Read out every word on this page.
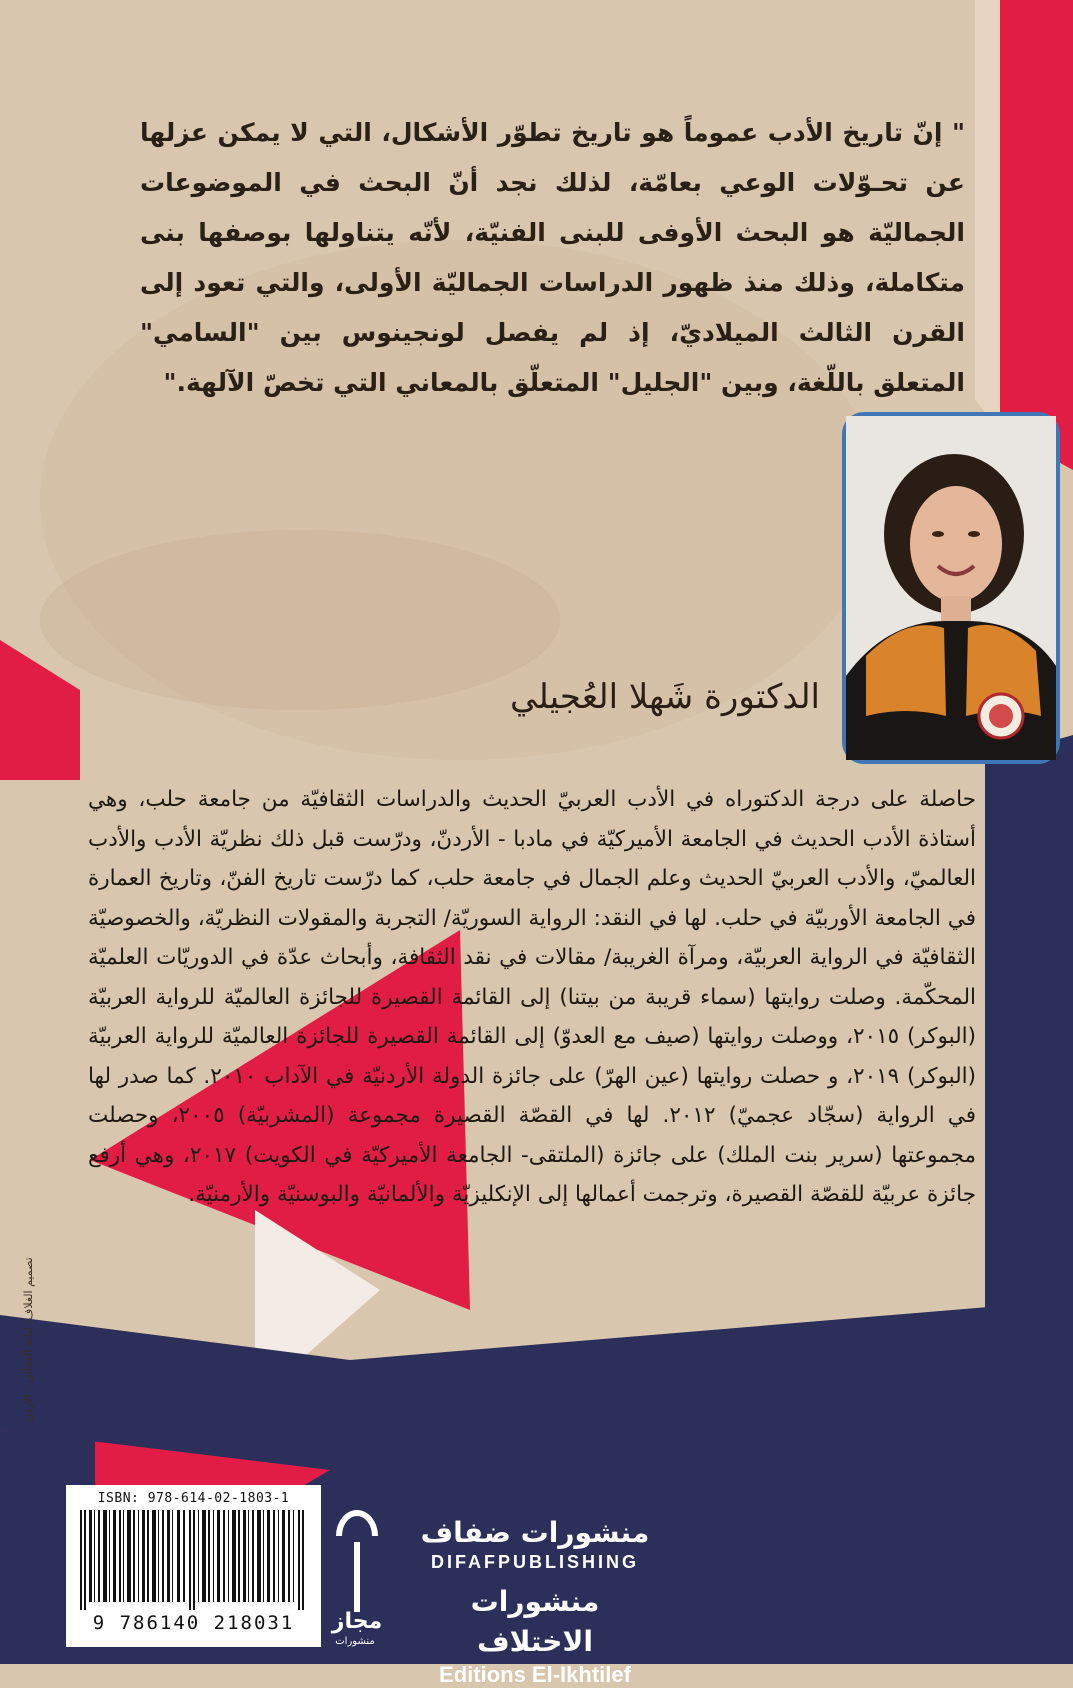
" إنّ تاريخ الأدب عموماً هو تاريخ تطوّر الأشكال، التي لا يمكن عزلها عن تحـوّلات الوعي بعامّة، لذلك نجد أنّ البحث في الموضوعات الجماليّة هو البحث الأوفى للبنى الفنيّة، لأنّه يتناولها بوصفها بنى متكاملة، وذلك منذ ظهور الدراسات الجماليّة الأولى، والتي تعود إلى القرن الثالث الميلاديّ، إذ لم يفصل لونجينوس بين "السامي" المتعلق باللّغة، وبين "الجليل" المتعلّق بالمعاني التي تخصّ الآلهة."
الدكتورة شَهلا العُجيلي
حاصلة على درجة الدكتوراه في الأدب العربيّ الحديث والدراسات الثقافيّة من جامعة حلب، وهي أستاذة الأدب الحديث في الجامعة الأميركيّة في مادبا - الأردنّ، ودرّست قبل ذلك نظريّة الأدب والأدب العالميّ، والأدب العربيّ الحديث وعلم الجمال في جامعة حلب، كما درّست تاريخ الفنّ، وتاريخ العمارة في الجامعة الأوربيّة في حلب. لها في النقد: الرواية السوريّة/ التجربة والمقولات النظريّة، والخصوصيّة الثقافيّة في الرواية العربيّة، ومرآة الغريبة/ مقالات في نقد الثقافة، وأبحاث عدّة في الدوريّات العلميّة المحكّمة. وصلت روايتها (سماء قريبة من بيتنا) إلى القائمة القصيرة للجائزة العالميّة للرواية العربيّة (البوكر) ٢٠١٥، ووصلت روايتها (صيف مع العدوّ) إلى القائمة القصيرة للجائزة العالميّة للرواية العربيّة (البوكر) ٢٠١٩، و حصلت روايتها (عين الهرّ) على جائزة الدولة الأردنيّة في الآداب ٢٠١٠. كما صدر لها في الرواية (سجّاد عجميّ) ٢٠١٢. لها في القصّة القصيرة مجموعة (المشربيّة) ٢٠٠٥، وحصلت مجموعتها (سرير بنت الملك) على جائزة (الملتقى- الجامعة الأميركيّة في الكويت) ٢٠١٧، وهي أرفع جائزة عربيّة للقصّة القصيرة، وترجمت أعمالها إلى الإنكليزيّة والألمانيّة والبوسنيّة والأرمنيّة.
تصميم الغلاف: لبابة العماني - الأردن
ISBN: 978-614-02-1803-1
9 786140 218031	مجاز
منشورات
منشورات ضفاف
DIFAFPUBLISHING
منشورات الاختلاف
Editions El-Ikhtilef
